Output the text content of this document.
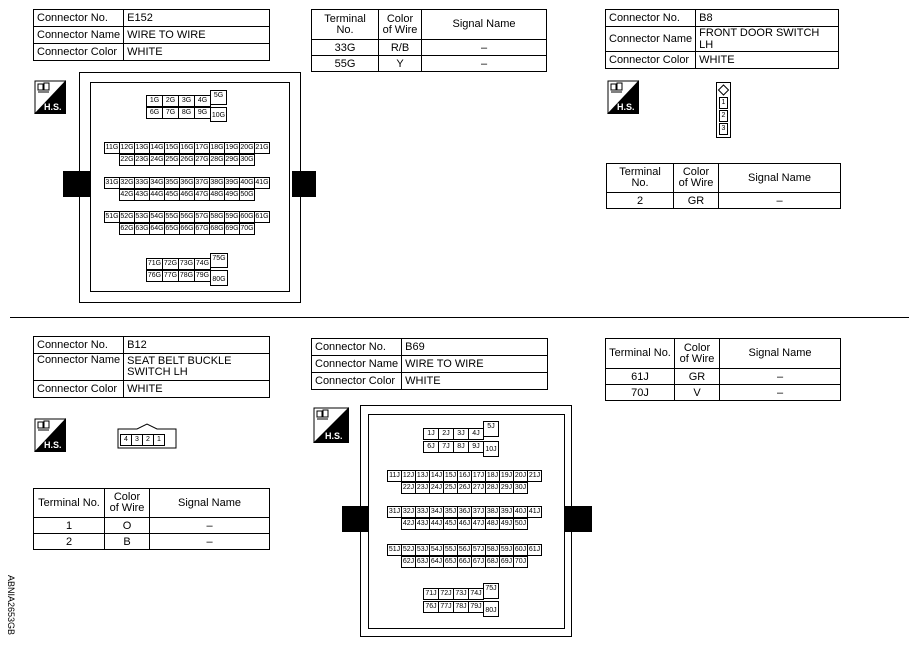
Connector No.	E152
Connector Name	WIRE TO WIRE
Connector Color	WHITE
Terminal No.	Color of Wire	Signal Name
33G	R/B	–
55G	Y	–
H.S.
1G 2G 3G 4G
6G 7G 8G 9G
5G
10G
11G 12G 13G 14G 15G 16G 17G 18G 19G 20G 21G
22G 23G 24G 25G 26G 27G 28G 29G 30G
31G 32G 33G 34G 35G 36G 37G 38G 39G 40G 41G
42G 43G 44G 45G 46G 47G 48G 49G 50G
51G 52G 53G 54G 55G 56G 57G 58G 59G 60G 61G
62G 63G 64G 65G 66G 67G 68G 69G 70G
71G 72G 73G 74G
76G 77G 78G 79G
75G
80G
Connector No.	B8
Connector Name	FRONT DOOR SWITCH LH
Connector Color	WHITE
H.S.	1
2
3
Terminal No.	Color of Wire	Signal Name
2	GR	–
Connector No.	B12
Connector Name	SEAT BELT BUCKLE SWITCH LH
Connector Color	WHITE
H.S.
4	3	2	1
Terminal No.	Color of Wire	Signal Name
1	O	–
2	B	–
ABNIA2653GB
Connector No.	B69
Connector Name	WIRE TO WIRE
Connector Color	WHITE
Terminal No.	Color of Wire	Signal Name
61J	GR	–
70J	V	–
H.S.	1J	2J	3J	4J
6J	7J	8J	9J
5J
10J
11J 12J 13J 14J 15J 16J 17J 18J 19J 20J 21J
22J 23J 24J 25J 26J 27J 28J 29J 30J
31J 32J 33J 34J 35J 36J 37J 38J 39J 40J 41J
42J 43J 44J 45J 46J 47J 48J 49J 50J
51J 52J 53J 54J 55J 56J 57J 58J 59J 60J 61J
62J 63J 64J 65J 66J 67J 68J 69J 70J
71J 72J 73J 74J
76J 77J 78J 79J
75J
80J
